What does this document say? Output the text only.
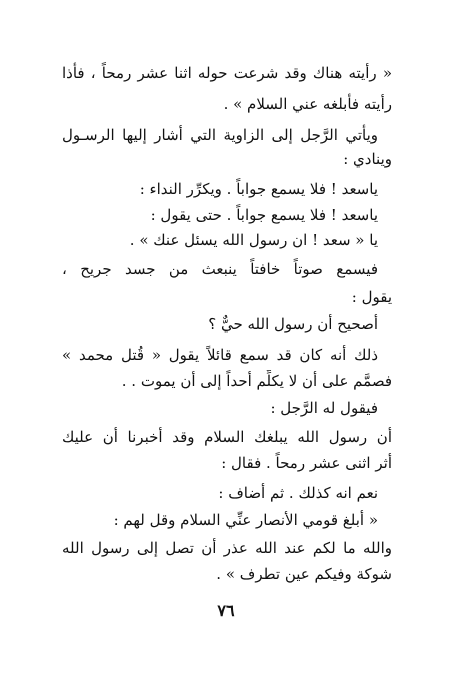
« رأيته هناك وقد شرعت حوله اثنا عشر رمحاً ، فأذا
رأيته فأبلغه عني السلام » .
ويأتي الرَّجل إلى الزاوية التي أشار إليها الرسـول
وينادي :
ياسعد ! فلا يسمع جواباً . ويكرِّر النداء :
ياسعد ! فلا يسمع جواباً . حتى يقول :
يا « سعد ! ان رسول الله يسئل عنك » .
فيسمع صوتاً خافتاً ينبعث من جسد جريح ،
يقول :
أصحيح أن رسول الله حيٌّ ؟
ذلك أنه كان قد سمع قائلاً يقول « قُتل محمد »
فصمَّم على أن لا يكلِّم أحداً إلى أن يموت . .
فيقول له الرَّجل :
أن رسول الله يبلغك السلام وقد أخبرنا أن عليك
أثر اثنى عشر رمحاً . فقال :
نعم انه كذلك . ثم أضاف :
« أبلغ قومي الأنصار عنِّي السلام وقل لهم :
والله ما لكم عند الله عذر أن تصل إلى رسول الله
شوكة وفيكم عين تطرف » .
٧٦
